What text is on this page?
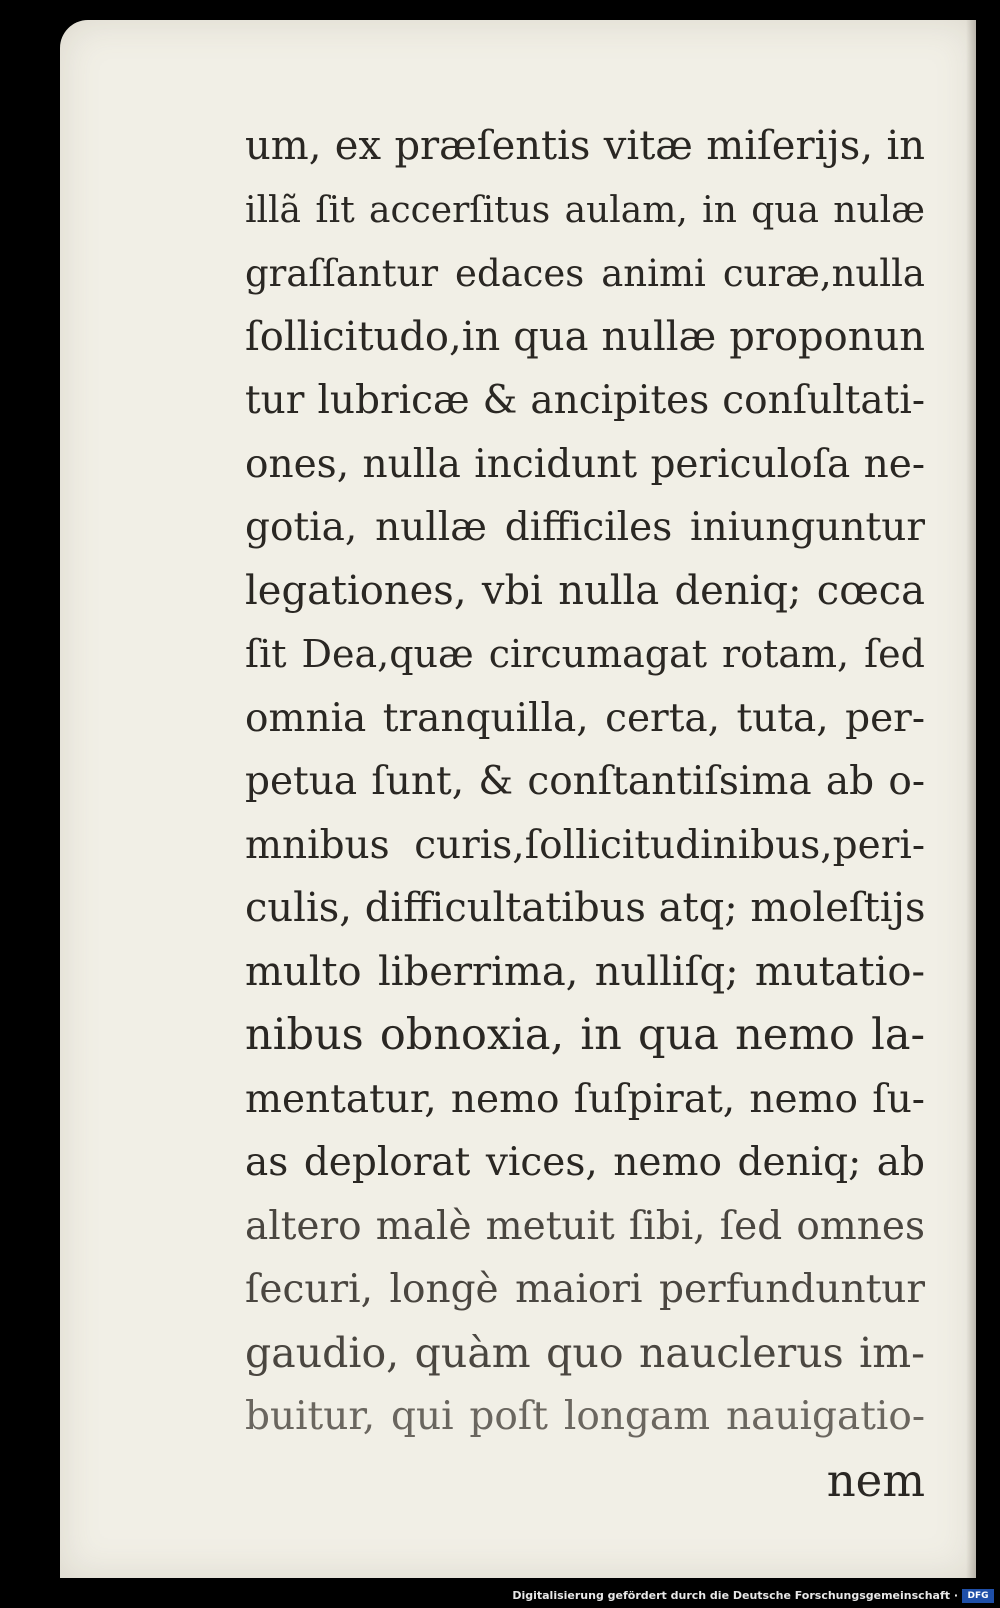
um, ex præſentis vitæ miſerijs, in
illã ſit accerſitus aulam, in qua nulæ
graſſantur edaces animi curæ,nulla
ſollicitudo,in qua nullæ proponun
tur lubricæ & ancipites conſultati-
ones, nulla incidunt periculoſa ne-
gotia, nullæ difficiles iniunguntur
legationes, vbi nulla deniq; cœca
ſit Dea,quæ circumagat rotam, ſed
omnia tranquilla, certa, tuta, per-
petua ſunt, & conſtantiſsima ab o-
mnibus curis,ſollicitudinibus,peri-
culis, difficultatibus atq; moleſtijs
multo liberrima, nulliſq; mutatio-
nibus obnoxia, in qua nemo la-
mentatur, nemo ſuſpirat, nemo ſu-
as deplorat vices, nemo deniq; ab
altero malè metuit ſibi, ſed omnes
ſecuri, longè maiori perfunduntur
gaudio, quàm quo nauclerus im-
buitur, qui poſt longam nauigatio-
nem
Digitalisierung gefördert durch die Deutsche Forschungsgemeinschaft ·	DFG
